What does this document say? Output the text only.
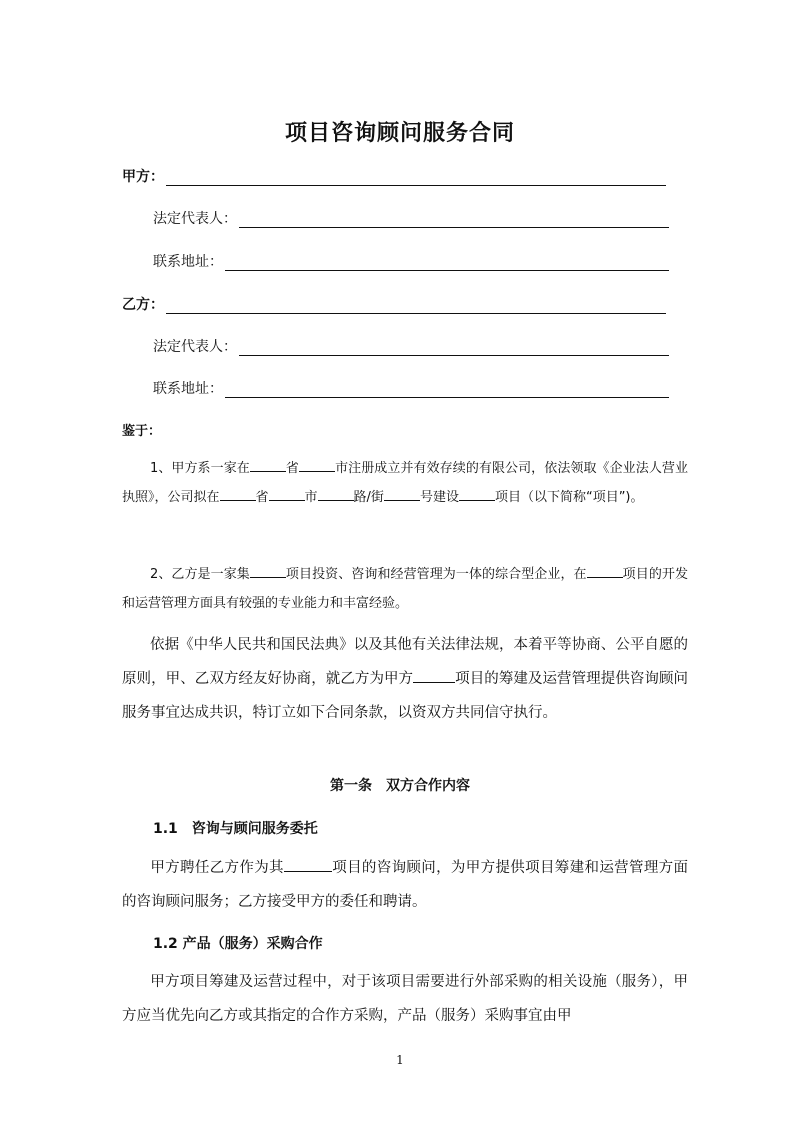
项目咨询顾问服务合同
甲方：
法定代表人：
联系地址：
乙方：
法定代表人：
联系地址：
鉴于：
1、甲方系一家在	省	市注册成立并有效存续的有限公司，依法领取《企业法人营业执照》，公司拟在	省	市	路/街	号建设	项目（以下简称“项目”)。
2、乙方是一家集	项目投资、咨询和经营管理为一体的综合型企业，在	项目的开发和运营管理方面具有较强的专业能力和丰富经验。
依据《中华人民共和国民法典》以及其他有关法律法规，本着平等协商、公平自愿的原则，甲、乙双方经友好协商，就乙方为甲方	项目的筹建及运营管理提供咨询顾问服务事宜达成共识，特订立如下合同条款，以资双方共同信守执行。
第一条　双方合作内容
1.1　咨询与顾问服务委托
甲方聘任乙方作为其	项目的咨询顾问，为甲方提供项目筹建和运营管理方面的咨询顾问服务；乙方接受甲方的委任和聘请。
1.2 产品（服务）采购合作
甲方项目筹建及运营过程中，对于该项目需要进行外部采购的相关设施（服务），甲方应当优先向乙方或其指定的合作方采购，产品（服务）采购事宜由甲
1
